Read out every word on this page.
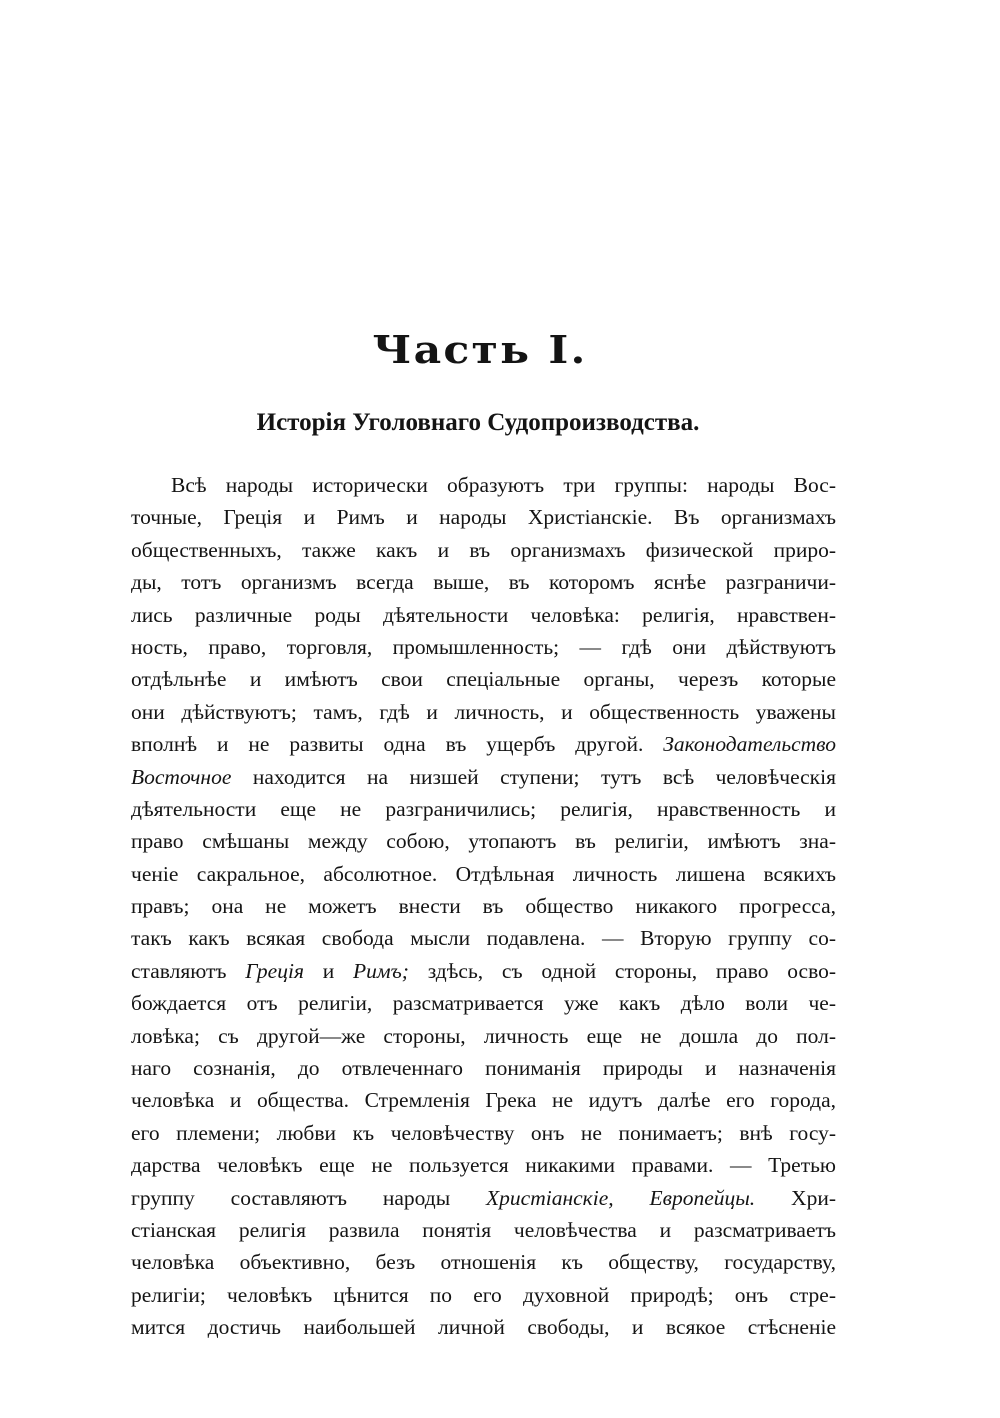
Часть I.
Исторія Уголовнаго Судопроизводства.
Всѣ народы исторически образуютъ три группы: народы Вос-
точные, Греція и Римъ и народы Христіанскіе. Въ организмахъ
общественныхъ, также какъ и въ организмахъ физической приро-
ды, тотъ организмъ всегда выше, въ которомъ яснѣе разграничи-
лись различные роды дѣятельности человѣка: религія, нравствен-
ность, право, торговля, промышленность; — гдѣ они дѣйствуютъ
отдѣльнѣе и имѣютъ свои спеціальные органы, черезъ которые
они дѣйствуютъ; тамъ, гдѣ и личность, и общественность уважены
вполнѣ и не развиты одна въ ущербъ другой. Законодательство
Восточное находится на низшей ступени; тутъ всѣ человѣческія
дѣятельности еще не разграничились; религія, нравственность и
право смѣшаны между собою, утопаютъ въ религіи, имѣютъ зна-
ченіе сакральное, абсолютное. Отдѣльная личность лишена всякихъ
правъ; она не можетъ внести въ общество никакого прогресса,
такъ какъ всякая свобода мысли подавлена. — Вторую группу со-
ставляютъ Греція и Римъ; здѣсь, съ одной стороны, право осво-
бождается отъ религіи, разсматривается уже какъ дѣло воли че-
ловѣка; съ другой—же стороны, личность еще не дошла до пол-
наго сознанія, до отвлеченнаго пониманія природы и назначенія
человѣка и общества. Стремленія Грека не идутъ далѣе его города,
его племени; любви къ человѣчеству онъ не понимаетъ; внѣ госу-
дарства человѣкъ еще не пользуется никакими правами. — Третью
группу составляютъ народы Христіанскіе, Европейцы. Хри-
стіанская религія развила понятія человѣчества и разсматриваетъ
человѣка объективно, безъ отношенія къ обществу, государству,
религіи; человѣкъ цѣнится по его духовной природѣ; онъ стре-
мится достичь наибольшей личной свободы, и всякое стѣсненіе
